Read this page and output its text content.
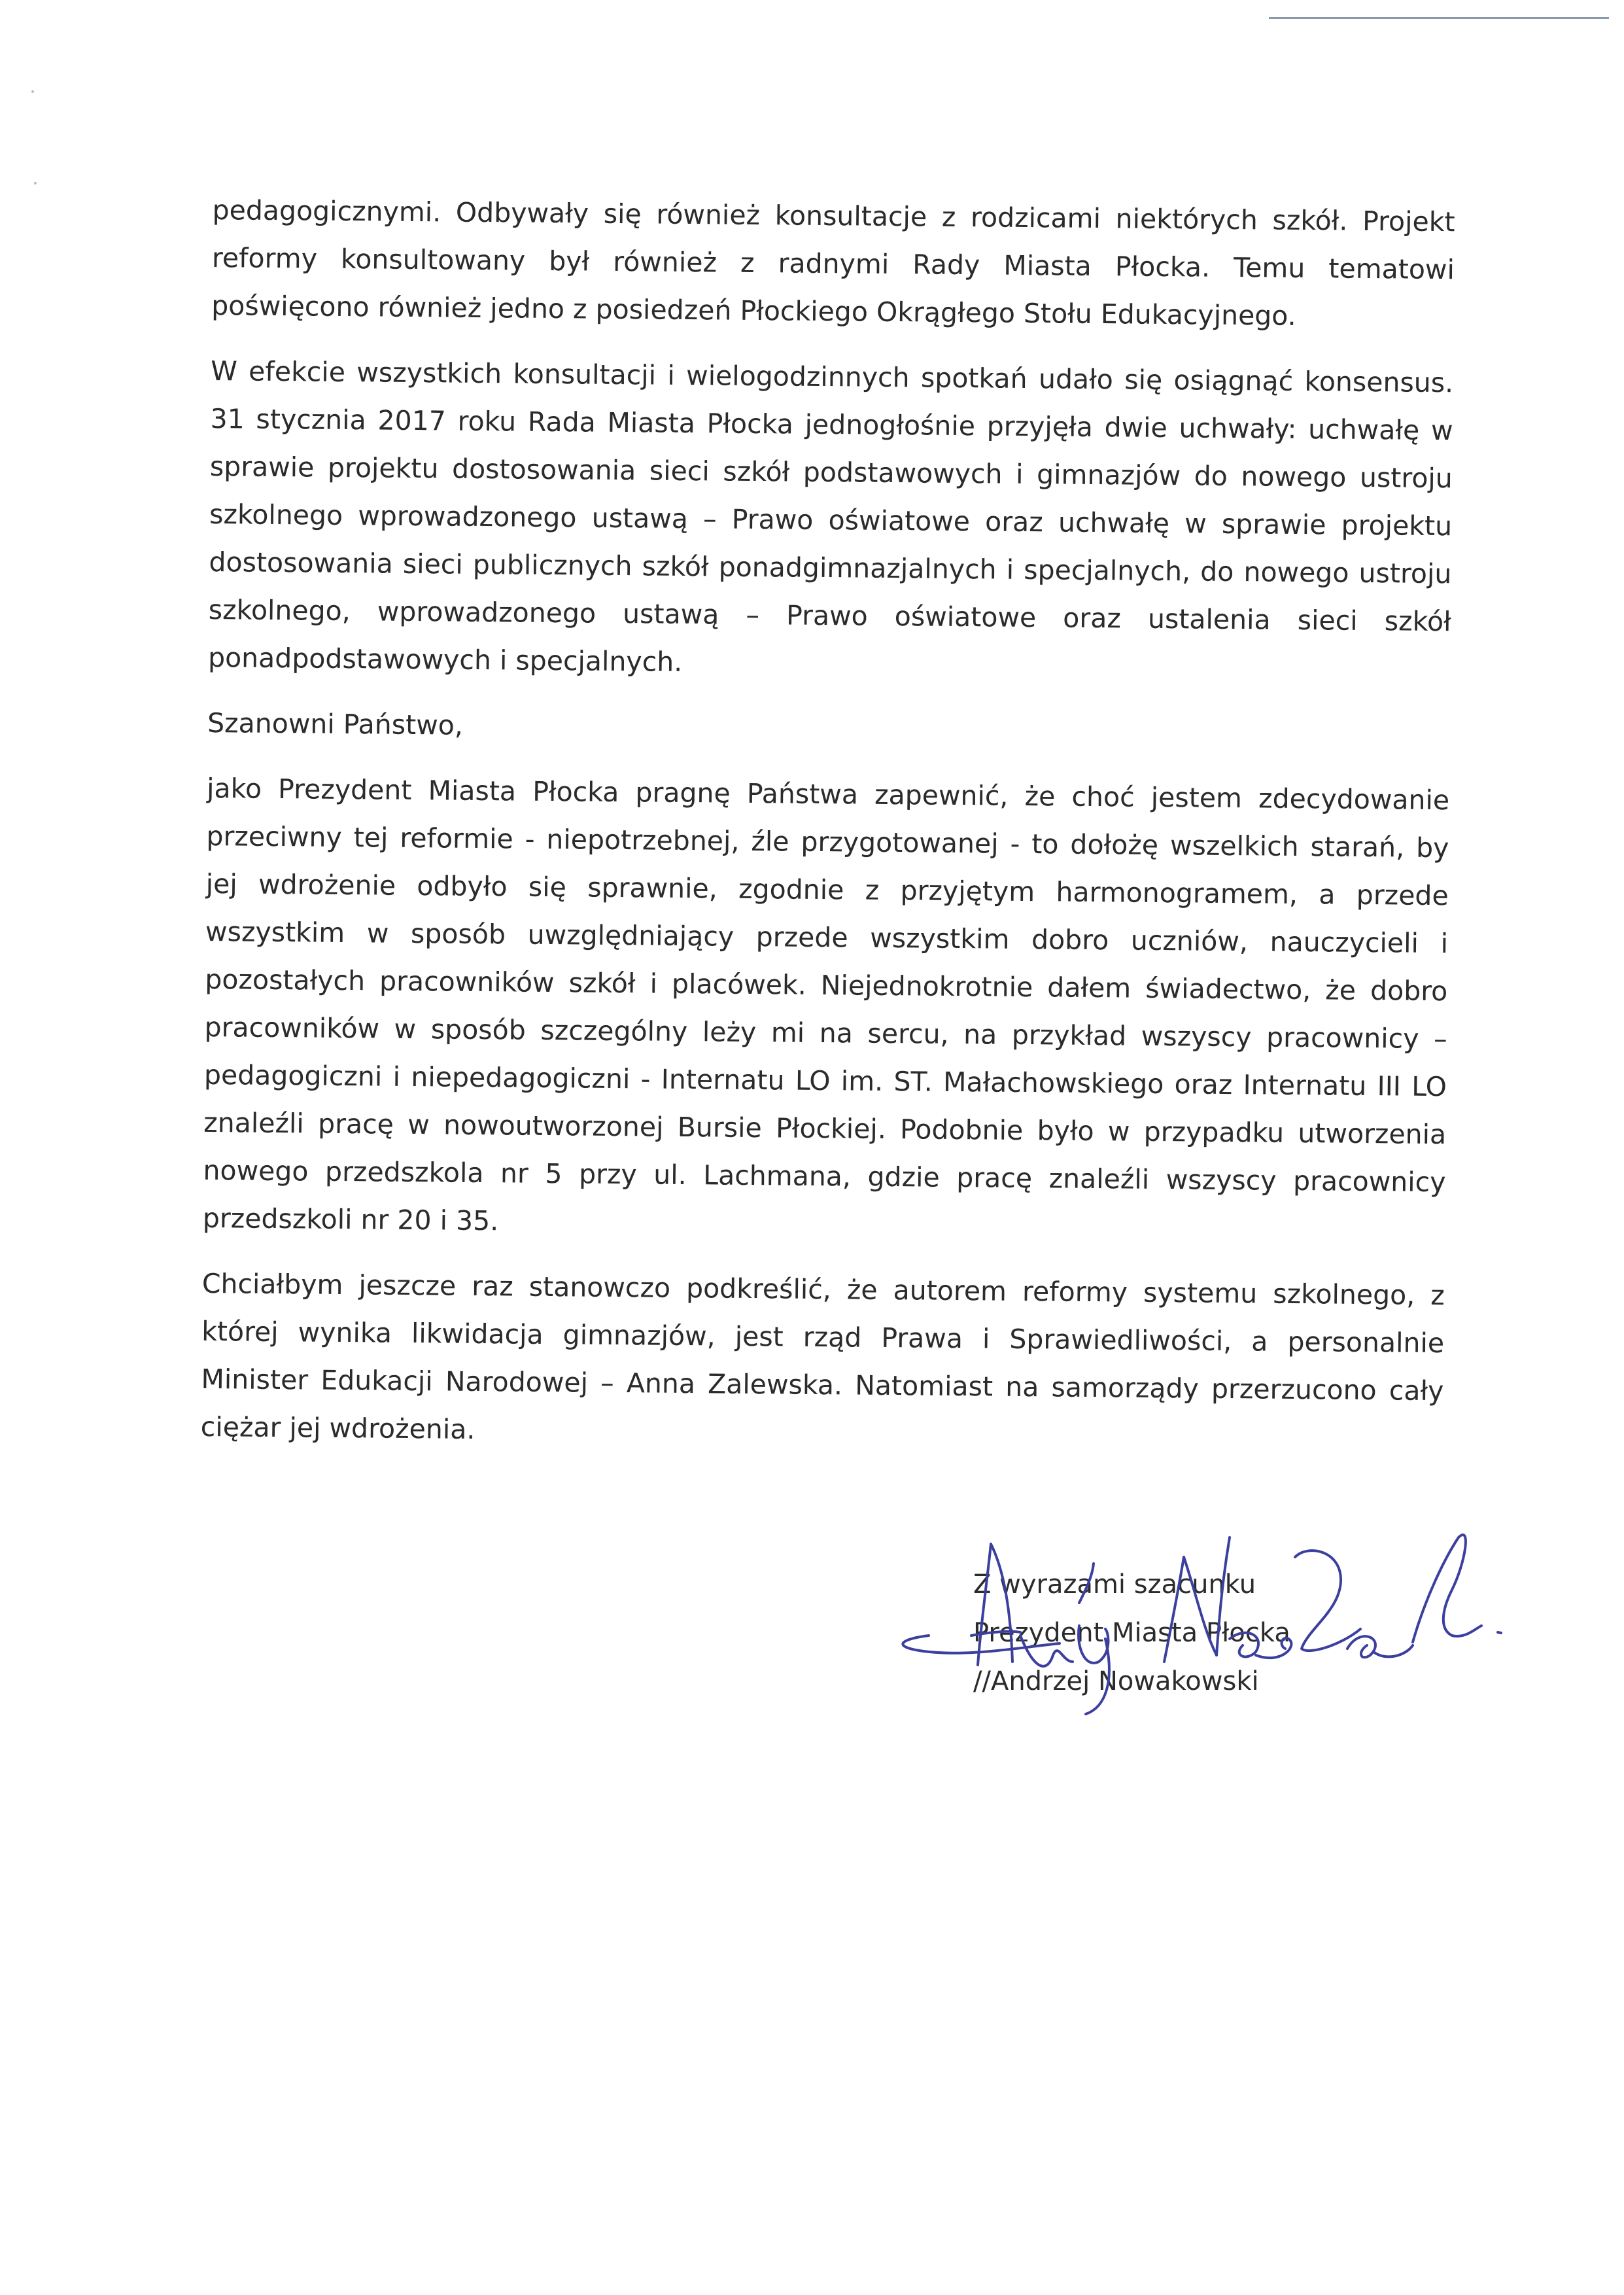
pedagogicznymi. Odbywały się również konsultacje z rodzicami niektórych szkół. Projekt reformy konsultowany był również z radnymi Rady Miasta Płocka. Temu tematowi poświęcono również jedno z posiedzeń Płockiego Okrągłego Stołu Edukacyjnego.

W efekcie wszystkich konsultacji i wielogodzinnych spotkań udało się osiągnąć konsensus. 31 stycznia 2017 roku Rada Miasta Płocka jednogłośnie przyjęła dwie uchwały: uchwałę w sprawie projektu dostosowania sieci szkół podstawowych i gimnazjów do nowego ustroju szkolnego wprowadzonego ustawą – Prawo oświatowe oraz uchwałę w sprawie projektu dostosowania sieci publicznych szkół ponadgimnazjalnych i specjalnych, do nowego ustroju szkolnego, wprowadzonego ustawą – Prawo oświatowe oraz ustalenia sieci szkół ponadpodstawowych i specjalnych.

Szanowni Państwo,

jako Prezydent Miasta Płocka pragnę Państwa zapewnić, że choć jestem zdecydowanie przeciwny tej reformie - niepotrzebnej, źle przygotowanej - to dołożę wszelkich starań, by jej wdrożenie odbyło się sprawnie, zgodnie z przyjętym harmonogramem, a przede wszystkim w sposób uwzględniający przede wszystkim dobro uczniów, nauczycieli i pozostałych pracowników szkół i placówek. Niejednokrotnie dałem świadectwo, że dobro pracowników w sposób szczególny leży mi na sercu, na przykład wszyscy pracownicy – pedagogiczni i niepedagogiczni - Internatu LO im. ST. Małachowskiego oraz Internatu III LO znaleźli pracę w nowoutworzonej Bursie Płockiej. Podobnie było w przypadku utworzenia nowego przedszkola nr 5 przy ul. Lachmana, gdzie pracę znaleźli wszyscy pracownicy przedszkoli nr 20 i 35.

Chciałbym jeszcze raz stanowczo podkreślić, że autorem reformy systemu szkolnego, z której wynika likwidacja gimnazjów, jest rząd Prawa i Sprawiedliwości, a personalnie Minister Edukacji Narodowej – Anna Zalewska. Natomiast na samorządy przerzucono cały ciężar jej wdrożenia.

Z wyrazami szacunku
Prezydent Miasta Płocka
//Andrzej Nowakowski
